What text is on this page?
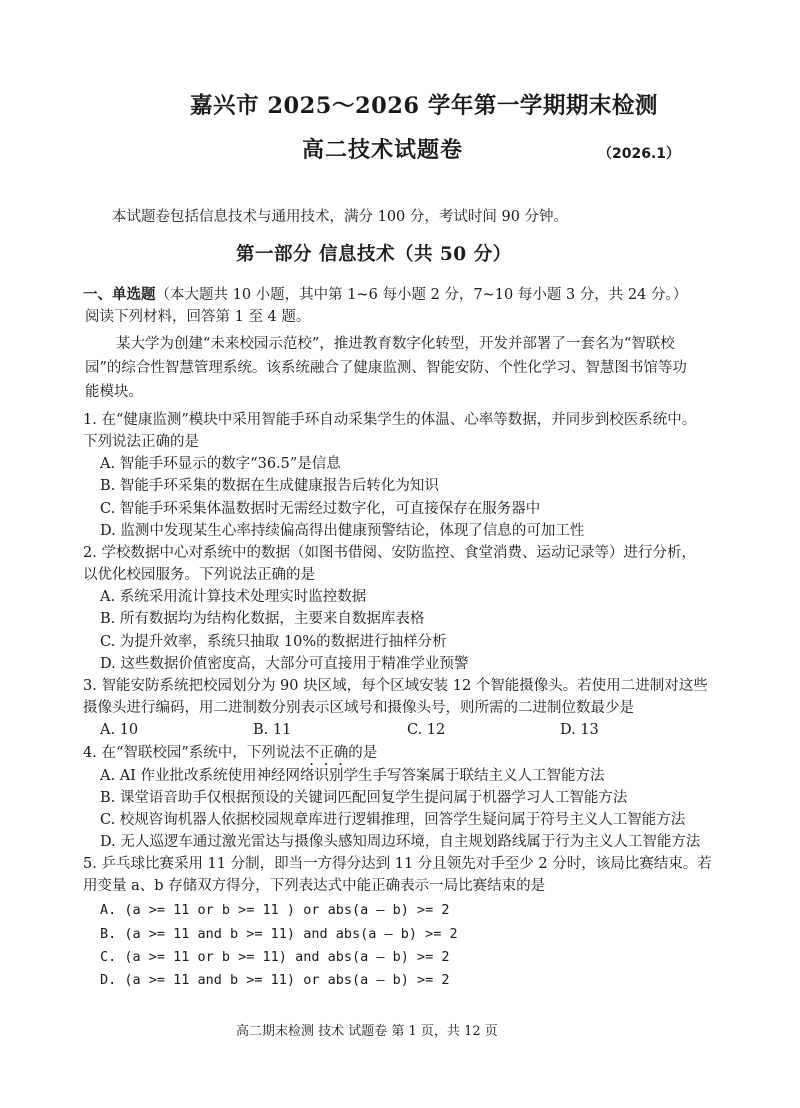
嘉兴市 2025～2026 学年第一学期期末检测
高二技术试题卷	（2026.1）
本试题卷包括信息技术与通用技术，满分 100 分，考试时间 90 分钟。
第一部分 信息技术（共 50 分）
一、单选题（本大题共 10 小题，其中第 1~6 每小题 2 分，7~10 每小题 3 分，共 24 分。）
阅读下列材料，回答第 1 至 4 题。
某大学为创建“未来校园示范校”，推进教育数字化转型，开发并部署了一套名为“智联校
园”的综合性智慧管理系统。该系统融合了健康监测、智能安防、个性化学习、智慧图书馆等功
能模块。
1. 在“健康监测”模块中采用智能手环自动采集学生的体温、心率等数据，并同步到校医系统中。
下列说法正确的是
A. 智能手环显示的数字“36.5”是信息
B. 智能手环采集的数据在生成健康报告后转化为知识
C. 智能手环采集体温数据时无需经过数字化，可直接保存在服务器中
D. 监测中发现某生心率持续偏高得出健康预警结论，体现了信息的可加工性
2. 学校数据中心对系统中的数据（如图书借阅、安防监控、食堂消费、运动记录等）进行分析，
以优化校园服务。下列说法正确的是
A. 系统采用流计算技术处理实时监控数据
B. 所有数据均为结构化数据，主要来自数据库表格
C. 为提升效率，系统只抽取 10%的数据进行抽样分析
D. 这些数据价值密度高，大部分可直接用于精准学业预警
3. 智能安防系统把校园划分为 90 块区域，每个区域安装 12 个智能摄像头。若使用二进制对这些
摄像头进行编码，用二进制数分别表示区域号和摄像头号，则所需的二进制位数最少是
A. 10	B. 11	C. 12	D. 13
4. 在“智联校园”系统中，下列说法不正确的是
A. AI 作业批改系统使用神经网络识别学生手写答案属于联结主义人工智能方法
B. 课堂语音助手仅根据预设的关键词匹配回复学生提问属于机器学习人工智能方法
C. 校规咨询机器人依据校园规章库进行逻辑推理，回答学生疑问属于符号主义人工智能方法
D. 无人巡逻车通过激光雷达与摄像头感知周边环境，自主规划路线属于行为主义人工智能方法
5. 乒乓球比赛采用 11 分制，即当一方得分达到 11 分且领先对手至少 2 分时，该局比赛结束。若
用变量 a、b 存储双方得分，下列表达式中能正确表示一局比赛结束的是
A. (a >= 11 or b >= 11 ) or abs(a — b) >= 2
B. (a >= 11 and b >= 11) and abs(a — b) >= 2
C. (a >= 11 or b >= 11) and abs(a — b) >= 2
D. (a >= 11 and b >= 11) or abs(a — b) >= 2
高二期末检测 技术 试题卷 第 1 页，共 12 页
